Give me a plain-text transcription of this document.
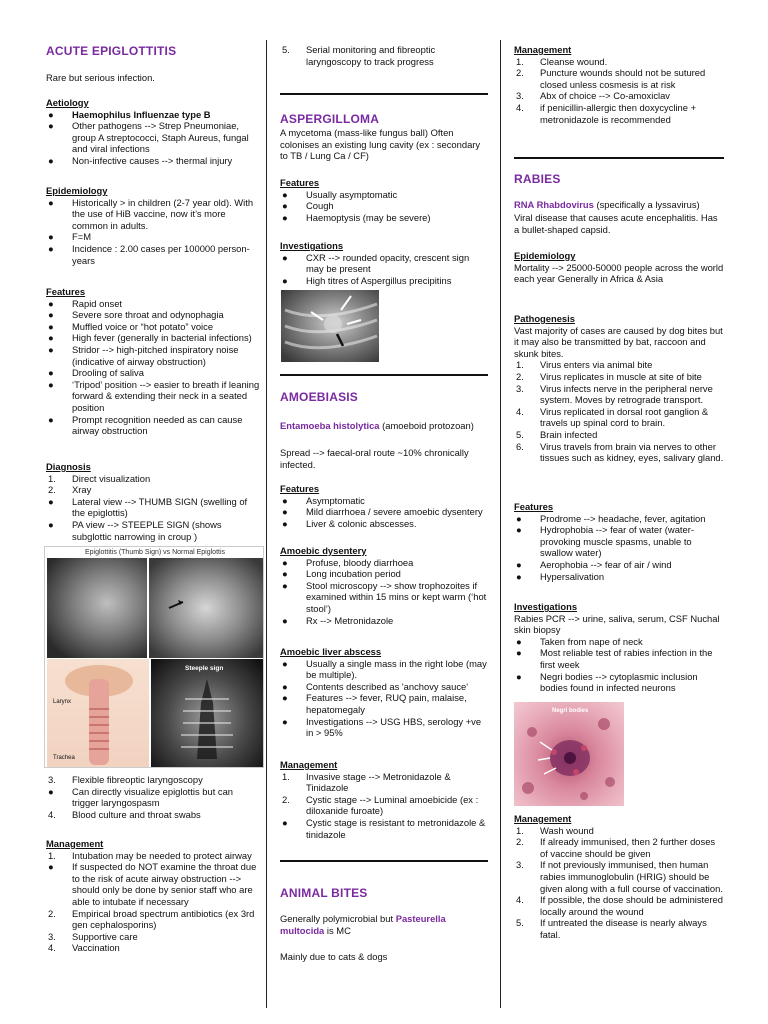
ACUTE EPIGLOTTITIS
Rare but serious infection.
Aetiology
●	Haemophilus Influenzae type B
●	Other pathogens --> Strep Pneumoniae, group A streptococci, Staph Aureus, fungal and viral infections
●	Non-infective causes --> thermal injury
Epidemiology
●	Historically > in children (2-7 year old). With the use of HiB vaccine, now it’s more common in adults.
●	F=M
●	Incidence : 2.00 cases per 100000 person-years
Features
●	Rapid onset
●	Severe sore throat and odynophagia
●	Muffled voice or “hot potato” voice
●	High fever (generally in bacterial infections)
●	Stridor --> high-pitched inspiratory noise (indicative of airway obstruction)
●	Drooling of saliva
●	‘Tripod’ position --> easier to breath if leaning forward & extending their neck in a seated position
●	Prompt recognition needed as can cause airway obstruction
Diagnosis
1.	Direct visualization
2.	Xray
●	Lateral view --> THUMB SIGN (swelling of the epiglottis)
●	PA view --> STEEPLE SIGN (shows subglottic narrowing in croup )
Epiglottitis (Thumb Sign) vs Normal Epiglottis
Larynx
Trachea
Steeple sign
3.	Flexible fibreoptic laryngoscopy
●	Can directly visualize epiglottis but can trigger laryngospasm
4.	Blood culture and throat swabs
Management
1.	Intubation may be needed to protect airway
●	If suspected do NOT examine the throat due to the risk of acute airway obstruction --> should only be done by senior staff who are able to intubate if necessary
2.	Empirical broad spectrum antibiotics (ex 3rd gen cephalosporins)
3.	Supportive care
4.	Vaccination
5.	Serial monitoring and fibreoptic laryngoscopy to track progress
ASPERGILLOMA
A mycetoma (mass-like fungus ball) Often colonises an existing lung cavity (ex : secondary to TB / Lung Ca / CF)
Features
●	Usually asymptomatic
●	Cough
●	Haemoptysis (may be severe)
Investigations
●	CXR --> rounded opacity, crescent sign may be present
●	High titres of Aspergillus precipitins
AMOEBIASIS
Entamoeba histolytica (amoeboid protozoan)
Spread --> faecal-oral route ~10% chronically infected.
Features
●	Asymptomatic
●	Mild diarrhoea / severe amoebic dysentery
●	Liver & colonic abscesses.
Amoebic dysentery
●	Profuse, bloody diarrhoea
●	Long incubation period
●	Stool microscopy --> show trophozoites if examined within 15 mins or kept warm (‘hot stool’)
●	Rx --> Metronidazole
Amoebic liver abscess
●	Usually a single mass in the right lobe (may be multiple).
●	Contents described as 'anchovy sauce'
●	Features --> fever, RUQ pain, malaise, hepatomegaly
●	Investigations --> USG HBS, serology +ve in > 95%
Management
1.	Invasive stage --> Metronidazole & Tinidazole
2.	Cystic stage --> Luminal amoebicide (ex : diloxanide furoate)
●	Cystic stage is resistant to metronidazole & tinidazole
ANIMAL BITES
Generally polymicrobial but Pasteurella multocida is MC
Mainly due to cats & dogs
Management
1.	Cleanse wound.
2.	Puncture wounds should not be sutured closed unless cosmesis is at risk
3.	Abx of choice --> Co-amoxiclav
4.	if penicillin-allergic then doxycycline + metronidazole is recommended
RABIES
RNA Rhabdovirus (specifically a lyssavirus)
Viral disease that causes acute encephalitis. Has a bullet-shaped capsid.
Epidemiology
Mortality --> 25000-50000 people across the world each year Generally in Africa & Asia
Pathogenesis
Vast majority of cases are caused by dog bites but it may also be transmitted by bat, raccoon and skunk bites.
1.	Virus enters via animal bite
2.	Virus replicates in muscle at site of bite
3.	Virus infects nerve in the peripheral nerve system. Moves by retrograde transport.
4.	Virus replicated in dorsal root ganglion & travels up spinal cord to brain.
5.	Brain infected
6.	Virus travels from brain via nerves to other tissues such as kidney, eyes, salivary gland.
Features
●	Prodrome --> headache, fever, agitation
●	Hydrophobia --> fear of water (water-provoking muscle spasms, unable to swallow water)
●	Aerophobia --> fear of air / wind
●	Hypersalivation
Investigations
Rabies PCR --> urine, saliva, serum, CSF Nuchal skin biopsy
●	Taken from nape of neck
●	Most reliable test of rabies infection in the first week
●	Negri bodies --> cytoplasmic inclusion bodies found in infected neurons
Management
1.	Wash wound
2.	If already immunised, then 2 further doses of vaccine should be given
3.	If not previously immunised, then human rabies immunoglobulin (HRIG) should be given along with a full course of vaccination.
4.	If possible, the dose should be administered locally around the wound
5.	If untreated the disease is nearly always fatal.
Negri bodies
